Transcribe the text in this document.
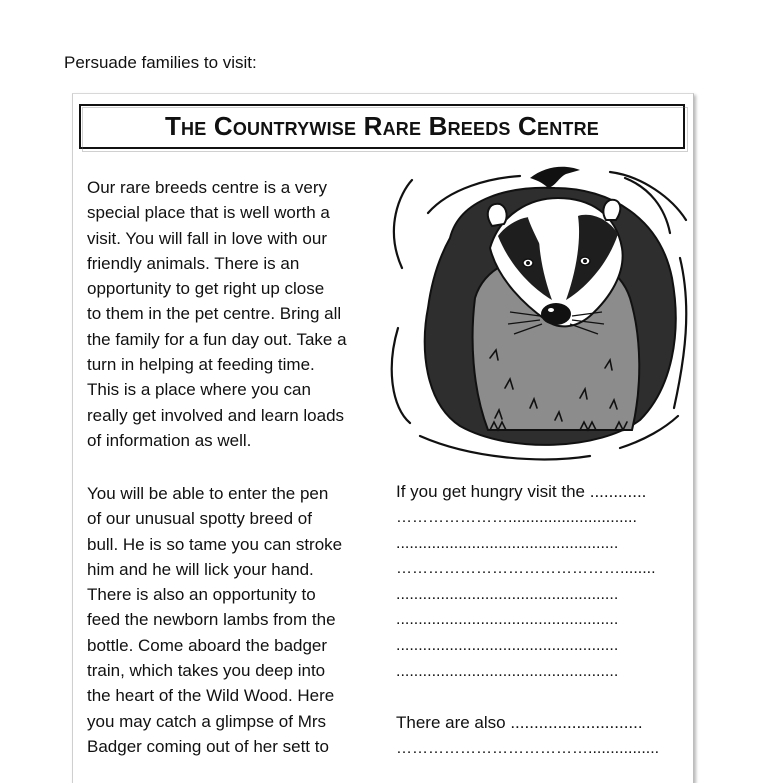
Persuade families to visit:
The Countrywise Rare Breeds Centre
Our rare breeds centre is a very
special place that is well worth a
visit. You will fall in love with our
friendly animals. There is an
opportunity to get right up close
to them in the pet centre. Bring all
the family for a fun day out. Take a
turn in helping at feeding time.
This is a place where you can
really get involved and learn loads
of information as well.
You will be able to enter the pen
of our unusual spotty breed of
bull. He is so tame you can stroke
him and he will lick your hand.
There is also an opportunity to
feed the newborn lambs from the
bottle. Come aboard the badger
train, which takes you deep into
the heart of the Wild Wood. Here
you may catch a glimpse of Mrs
Badger coming out of her sett to
If you get hungry visit the ............
………………….............................
..................................................
……………………………………........
..................................................
..................................................
..................................................
..................................................
There are also ............................
………………………………................
